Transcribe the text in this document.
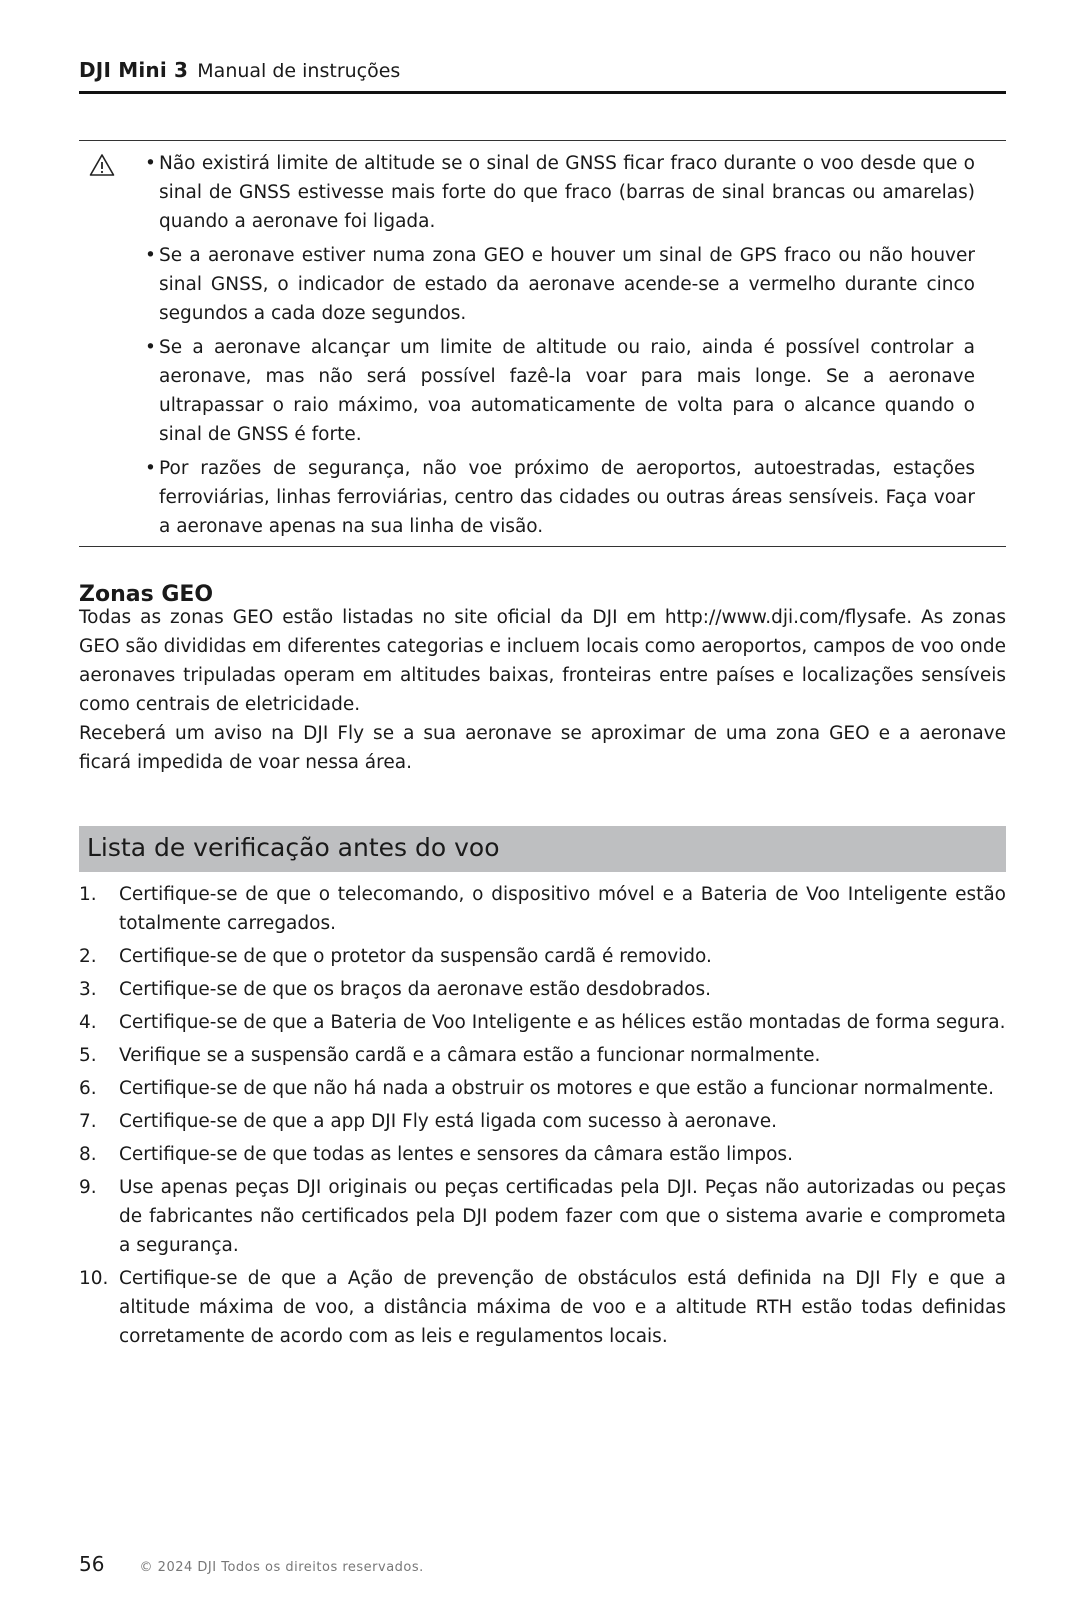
DJI Mini 3 Manual de instruções
• Não existirá limite de altitude se o sinal de GNSS ficar fraco durante o voo desde que o sinal de GNSS estivesse mais forte do que fraco (barras de sinal brancas ou amarelas) quando a aeronave foi ligada.
• Se a aeronave estiver numa zona GEO e houver um sinal de GPS fraco ou não houver sinal GNSS, o indicador de estado da aeronave acende-se a vermelho durante cinco segundos a cada doze segundos.
• Se a aeronave alcançar um limite de altitude ou raio, ainda é possível controlar a aeronave, mas não será possível fazê-la voar para mais longe. Se a aeronave ultrapassar o raio máximo, voa automaticamente de volta para o alcance quando o sinal de GNSS é forte.
• Por razões de segurança, não voe próximo de aeroportos, autoestradas, estações ferroviárias, linhas ferroviárias, centro das cidades ou outras áreas sensíveis. Faça voar a aeronave apenas na sua linha de visão.
Zonas GEO
Todas as zonas GEO estão listadas no site oficial da DJI em http://www.dji.com/flysafe. As zonas GEO são divididas em diferentes categorias e incluem locais como aeroportos, campos de voo onde aeronaves tripuladas operam em altitudes baixas, fronteiras entre países e localizações sensíveis como centrais de eletricidade.
Receberá um aviso na DJI Fly se a sua aeronave se aproximar de uma zona GEO e a aeronave ficará impedida de voar nessa área.
Lista de verificação antes do voo
1. Certifique-se de que o telecomando, o dispositivo móvel e a Bateria de Voo Inteligente estão totalmente carregados.
2. Certifique-se de que o protetor da suspensão cardã é removido.
3. Certifique-se de que os braços da aeronave estão desdobrados.
4. Certifique-se de que a Bateria de Voo Inteligente e as hélices estão montadas de forma segura.
5. Verifique se a suspensão cardã e a câmara estão a funcionar normalmente.
6. Certifique-se de que não há nada a obstruir os motores e que estão a funcionar normalmente.
7. Certifique-se de que a app DJI Fly está ligada com sucesso à aeronave.
8. Certifique-se de que todas as lentes e sensores da câmara estão limpos.
9. Use apenas peças DJI originais ou peças certificadas pela DJI. Peças não autorizadas ou peças de fabricantes não certificados pela DJI podem fazer com que o sistema avarie e comprometa a segurança.
10. Certifique-se de que a Ação de prevenção de obstáculos está definida na DJI Fly e que a altitude máxima de voo, a distância máxima de voo e a altitude RTH estão todas definidas corretamente de acordo com as leis e regulamentos locais.
56	© 2024 DJI Todos os direitos reservados.
